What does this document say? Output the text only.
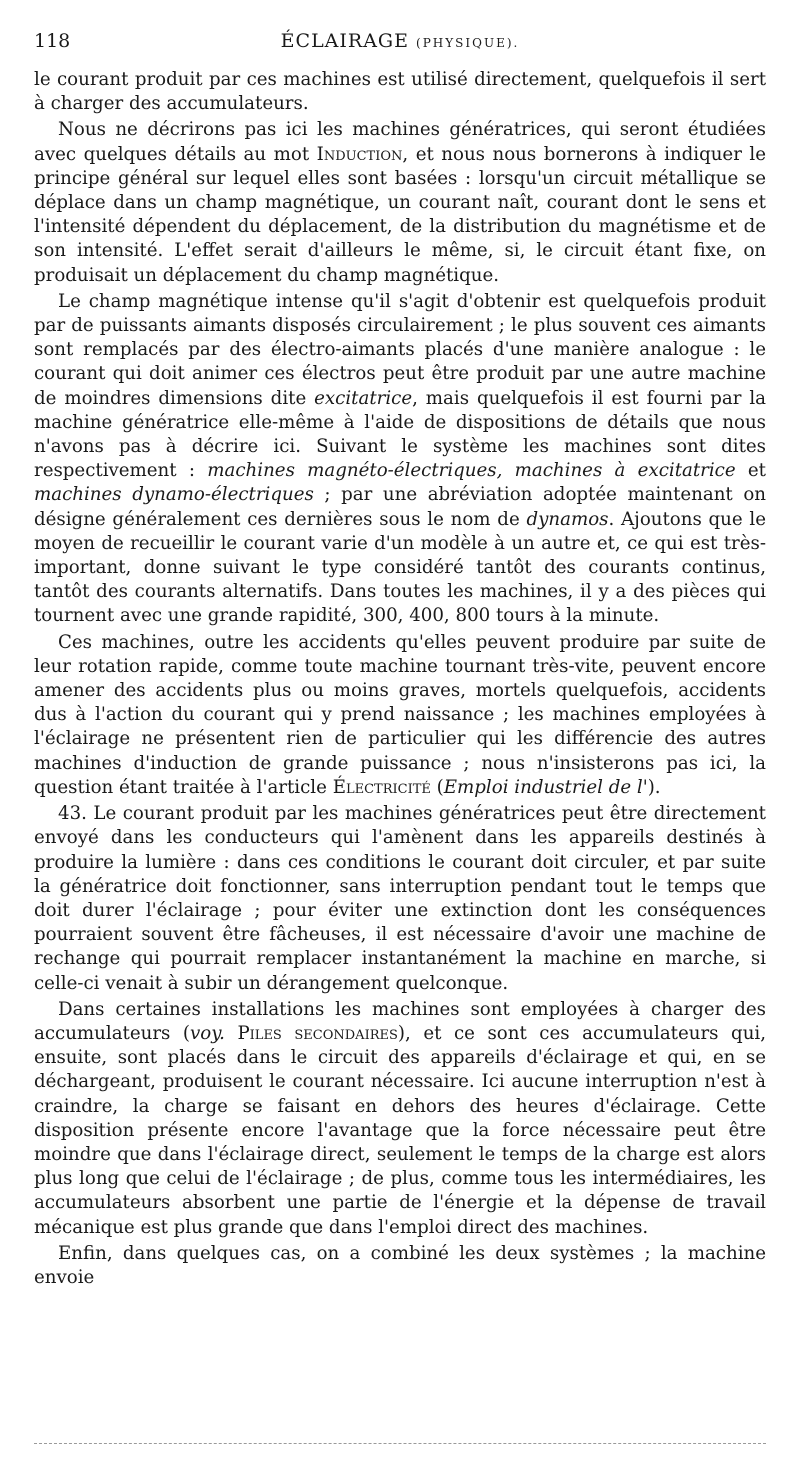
118	ÉCLAIRAGE (PHYSIQUE).

le courant produit par ces machines est utilisé directement, quelquefois il sert à charger des accumulateurs.

Nous ne décrirons pas ici les machines génératrices, qui seront étudiées avec quelques détails au mot Induction, et nous nous bornerons à indiquer le principe général sur lequel elles sont basées : lorsqu'un circuit métallique se déplace dans un champ magnétique, un courant naît, courant dont le sens et l'intensité dépendent du déplacement, de la distribution du magnétisme et de son intensité. L'effet serait d'ailleurs le même, si, le circuit étant fixe, on produisait un déplacement du champ magnétique.

Le champ magnétique intense qu'il s'agit d'obtenir est quelquefois produit par de puissants aimants disposés circulairement ; le plus souvent ces aimants sont remplacés par des électro-aimants placés d'une manière analogue : le courant qui doit animer ces électros peut être produit par une autre machine de moindres dimensions dite excitatrice, mais quelquefois il est fourni par la machine génératrice elle-même à l'aide de dispositions de détails que nous n'avons pas à décrire ici. Suivant le système les machines sont dites respectivement : machines magnéto-électriques, machines à excitatrice et machines dynamo-électriques ; par une abréviation adoptée maintenant on désigne généralement ces dernières sous le nom de dynamos. Ajoutons que le moyen de recueillir le courant varie d'un modèle à un autre et, ce qui est très-important, donne suivant le type considéré tantôt des courants continus, tantôt des courants alternatifs. Dans toutes les machines, il y a des pièces qui tournent avec une grande rapidité, 300, 400, 800 tours à la minute.

Ces machines, outre les accidents qu'elles peuvent produire par suite de leur rotation rapide, comme toute machine tournant très-vite, peuvent encore amener des accidents plus ou moins graves, mortels quelquefois, accidents dus à l'action du courant qui y prend naissance ; les machines employées à l'éclairage ne présentent rien de particulier qui les différencie des autres machines d'induction de grande puissance ; nous n'insisterons pas ici, la question étant traitée à l'article Électricité (Emploi industriel de l').

43. Le courant produit par les machines génératrices peut être directement envoyé dans les conducteurs qui l'amènent dans les appareils destinés à produire la lumière : dans ces conditions le courant doit circuler, et par suite la génératrice doit fonctionner, sans interruption pendant tout le temps que doit durer l'éclairage ; pour éviter une extinction dont les conséquences pourraient souvent être fâcheuses, il est nécessaire d'avoir une machine de rechange qui pourrait remplacer instantanément la machine en marche, si celle-ci venait à subir un dérangement quelconque.

Dans certaines installations les machines sont employées à charger des accumulateurs (voy. Piles secondaires), et ce sont ces accumulateurs qui, ensuite, sont placés dans le circuit des appareils d'éclairage et qui, en se déchargeant, produisent le courant nécessaire. Ici aucune interruption n'est à craindre, la charge se faisant en dehors des heures d'éclairage. Cette disposition présente encore l'avantage que la force nécessaire peut être moindre que dans l'éclairage direct, seulement le temps de la charge est alors plus long que celui de l'éclairage ; de plus, comme tous les intermédiaires, les accumulateurs absorbent une partie de l'énergie et la dépense de travail mécanique est plus grande que dans l'emploi direct des machines.

Enfin, dans quelques cas, on a combiné les deux systèmes ; la machine envoie
